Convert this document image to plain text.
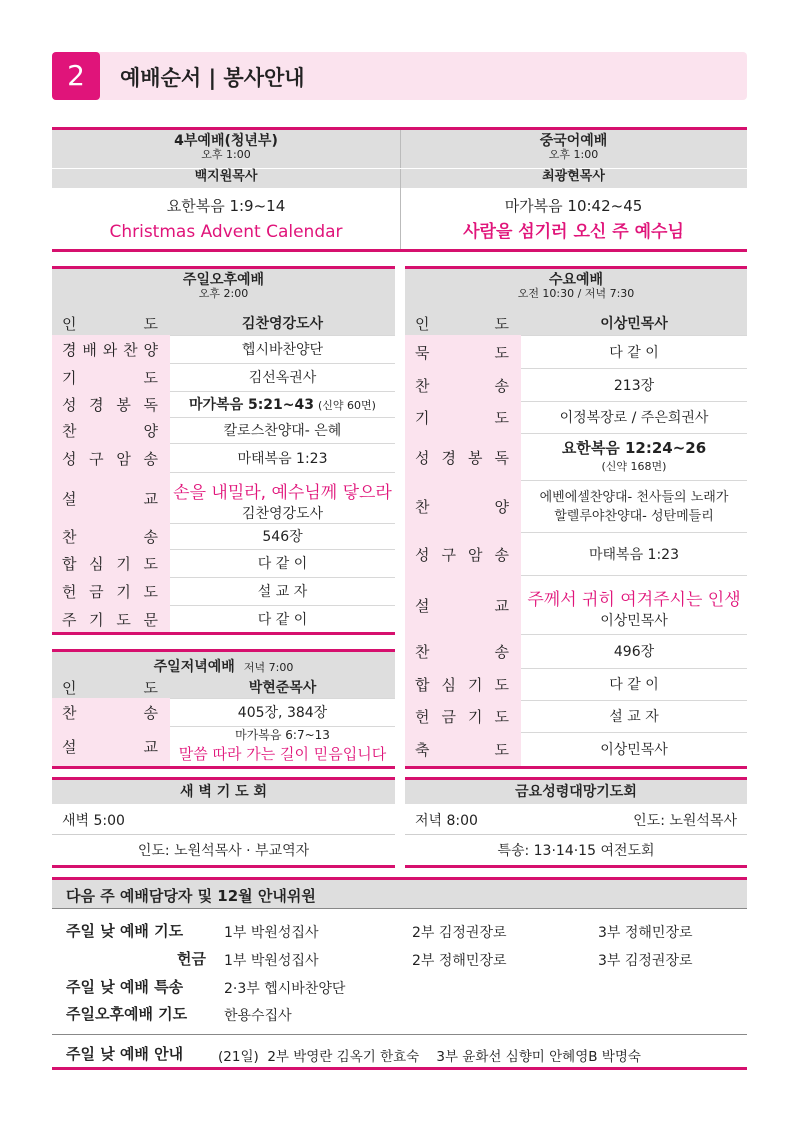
2	예배순서 | 봉사안내
4부예배(청년부)
오후 1:00
백지원목사
요한복음 1:9~14
Christmas Advent Calendar
중국어예배
오후 1:00
최광현목사
마가복음 10:42~45
사람을 섬기러 오신 주 예수님
주일오후예배
오후 2:00
인	도	김찬영강도사
경 배 와 찬 양	헵시바찬양단
기	도	김선옥권사
성 경 봉 독	마가복음 5:21~43 (신약 60면)
찬	양	칼로스찬양대- 은혜
성 구 암 송	마태복음 1:23
설	교 손을 내밀라, 예수님께 닿으라
김찬영강도사
찬	송	546장
합 심 기 도	다 같 이
헌 금 기 도	설 교 자
주 기 도 문	다 같 이
주일저녁예배 저녁 7:00
인	도	박현준목사
찬	송	405장, 384장
설	교
마가복음 6:7~13
말씀 따라 가는 길이 믿음입니다
수요예배
오전 10:30 / 저녁 7:30
인	도	이상민목사
묵	도	다 같 이
찬	송	213장
기	도	이정복장로 / 주은희권사
성 경 봉 독
요한복음 12:24~26
(신약 168면)
찬	양
에벤에셀찬양대- 천사들의 노래가
할렐루야찬양대- 성탄메들리
성 구 암 송	마태복음 1:23
설	교	주께서 귀히 여겨주시는 인생
이상민목사
찬	송	496장
합 심 기 도	다 같 이
헌 금 기 도	설 교 자
축	도	이상민목사
새 벽 기 도 회
새벽 5:00
인도: 노원석목사 · 부교역자
금요성령대망기도회
저녁 8:00	인도: 노원석목사
특송: 13·14·15 여전도회
다음 주 예배담당자 및 12월 안내위원
주일 낮 예배 기도	1부 박원성집사	2부 김정권장로	3부 정해민장로
헌금 1부 박원성집사	2부 정해민장로	3부 김정권장로
주일 낮 예배 특송	2·3부 헵시바찬양단
주일오후예배 기도	한용수집사
주일 낮 예배 안내	(21일)  2부 박영란 김옥기 한효숙    3부 윤화선 심향미 안혜영B 박명숙
